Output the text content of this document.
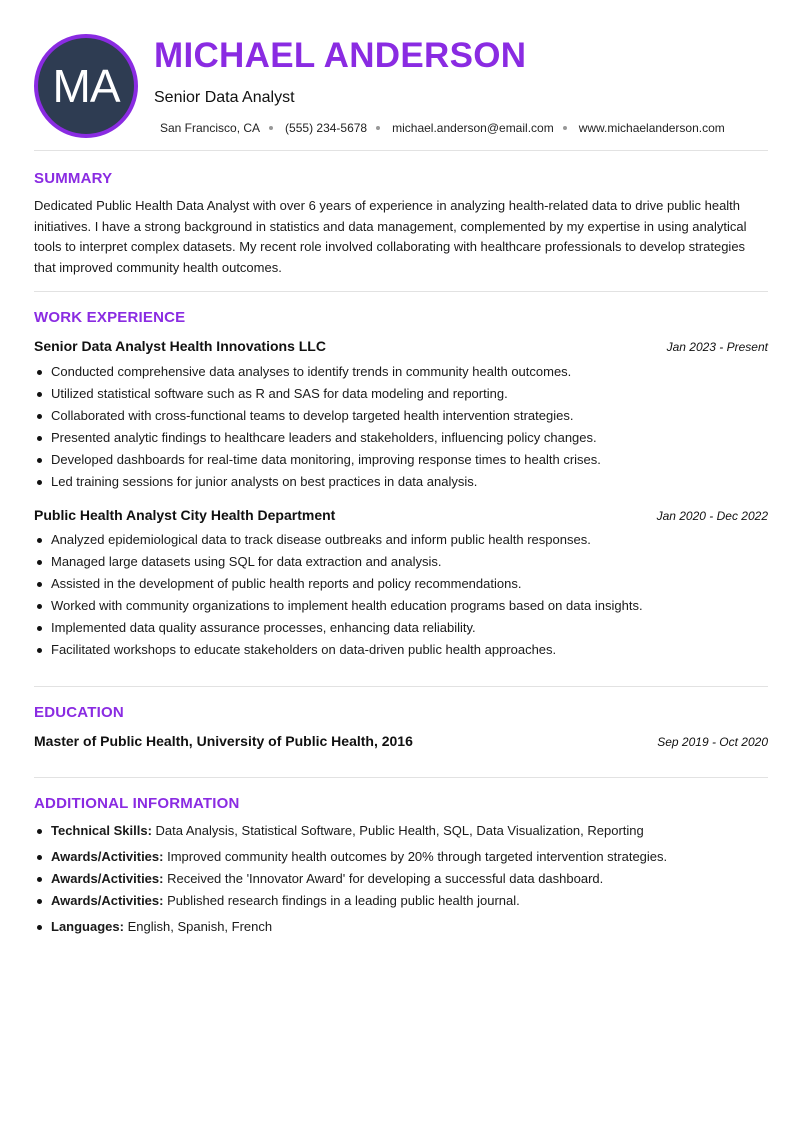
MA
MICHAEL ANDERSON
Senior Data Analyst
San Francisco, CA (555) 234-5678 michael.anderson@email.com www.michaelanderson.com
SUMMARY

Dedicated Public Health Data Analyst with over 6 years of experience in analyzing health-related data to drive public health initiatives. I have a strong background in statistics and data management, complemented by my expertise in using analytical tools to interpret complex datasets. My recent role involved collaborating with healthcare professionals to develop strategies that improved community health outcomes.

WORK EXPERIENCE
Senior Data Analyst Health Innovations LLC	Jan 2023 - Present
Conducted comprehensive data analyses to identify trends in community health outcomes.
Utilized statistical software such as R and SAS for data modeling and reporting.
Collaborated with cross-functional teams to develop targeted health intervention strategies.
Presented analytic findings to healthcare leaders and stakeholders, influencing policy changes.
Developed dashboards for real-time data monitoring, improving response times to health crises.
Led training sessions for junior analysts on best practices in data analysis.
Public Health Analyst City Health Department	Jan 2020 - Dec 2022
Analyzed epidemiological data to track disease outbreaks and inform public health responses.
Managed large datasets using SQL for data extraction and analysis.
Assisted in the development of public health reports and policy recommendations.
Worked with community organizations to implement health education programs based on data insights.
Implemented data quality assurance processes, enhancing data reliability.
Facilitated workshops to educate stakeholders on data-driven public health approaches.
EDUCATION
Master of Public Health, University of Public Health, 2016	Sep 2019 - Oct 2020
ADDITIONAL INFORMATION
Technical Skills: Data Analysis, Statistical Software, Public Health, SQL, Data Visualization, Reporting
Awards/Activities: Improved community health outcomes by 20% through targeted intervention strategies.
Awards/Activities: Received the 'Innovator Award' for developing a successful data dashboard.
Awards/Activities: Published research findings in a leading public health journal.
Languages: English, Spanish, French
